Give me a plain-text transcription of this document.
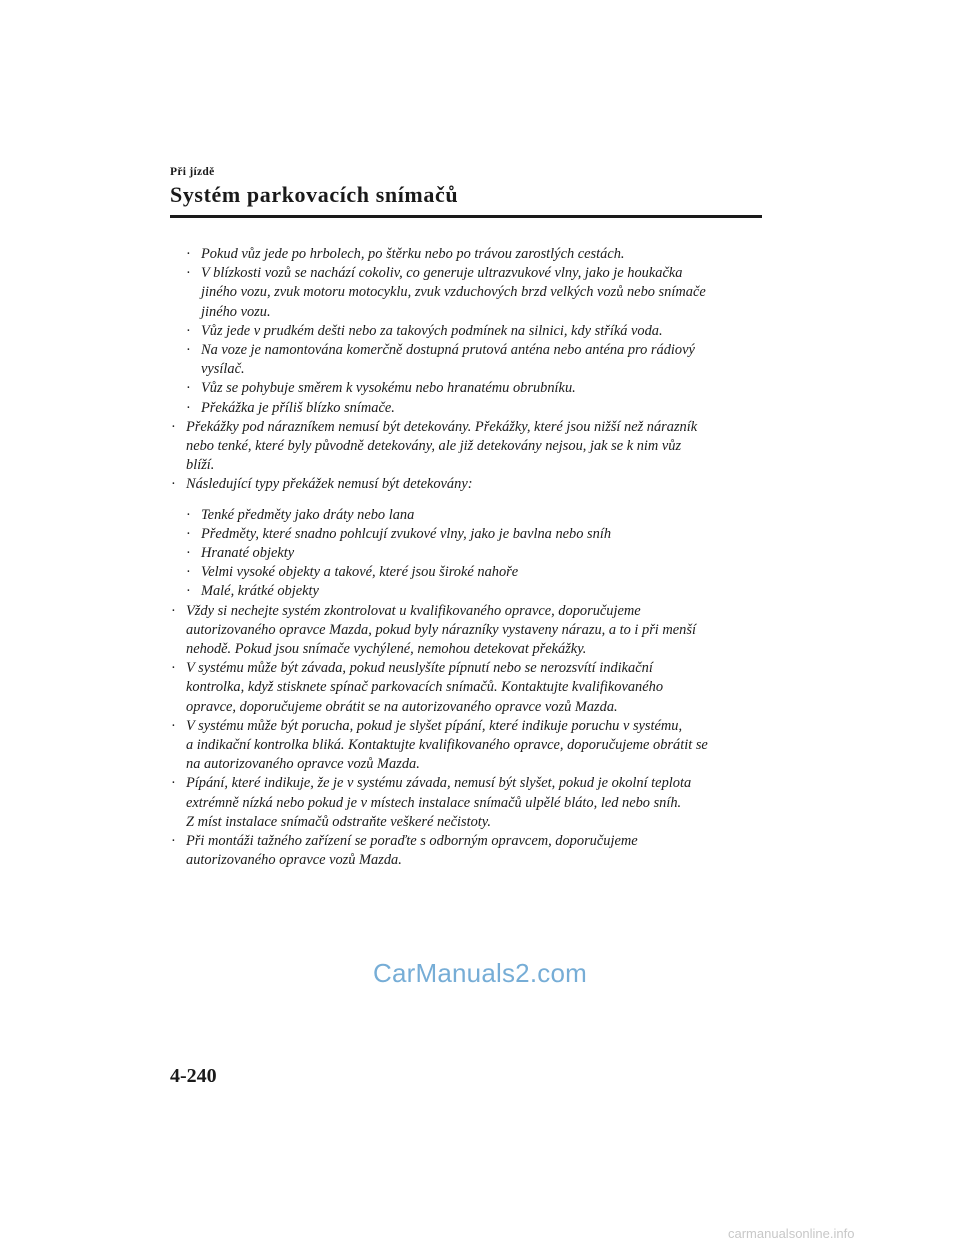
Při jízdě
Systém parkovacích snímačů
· Pokud vůz jede po hrbolech, po štěrku nebo po trávou zarostlých cestách.
· V blízkosti vozů se nachází cokoliv, co generuje ultrazvukové vlny, jako je houkačka
jiného vozu, zvuk motoru motocyklu, zvuk vzduchových brzd velkých vozů nebo snímače
jiného vozu.
· Vůz jede v prudkém dešti nebo za takových podmínek na silnici, kdy stříká voda.
· Na voze je namontována komerčně dostupná prutová anténa nebo anténa pro rádiový
vysílač.
· Vůz se pohybuje směrem k vysokému nebo hranatému obrubníku.
· Překážka je příliš blízko snímače.
· Překážky pod nárazníkem nemusí být detekovány. Překážky, které jsou nižší než nárazník
nebo tenké, které byly původně detekovány, ale již detekovány nejsou, jak se k nim vůz
blíží.
· Následující typy překážek nemusí být detekovány:
· Tenké předměty jako dráty nebo lana
· Předměty, které snadno pohlcují zvukové vlny, jako je bavlna nebo sníh
· Hranaté objekty
· Velmi vysoké objekty a takové, které jsou široké nahoře
· Malé, krátké objekty
· Vždy si nechejte systém zkontrolovat u kvalifikovaného opravce, doporučujeme
autorizovaného opravce Mazda, pokud byly nárazníky vystaveny nárazu, a to i při menší
nehodě. Pokud jsou snímače vychýlené, nemohou detekovat překážky.
· V systému může být závada, pokud neuslyšíte pípnutí nebo se nerozsvítí indikační
kontrolka, když stisknete spínač parkovacích snímačů. Kontaktujte kvalifikovaného
opravce, doporučujeme obrátit se na autorizovaného opravce vozů Mazda.
· V systému může být porucha, pokud je slyšet pípání, které indikuje poruchu v systému,
a indikační kontrolka bliká. Kontaktujte kvalifikovaného opravce, doporučujeme obrátit se
na autorizovaného opravce vozů Mazda.
· Pípání, které indikuje, že je v systému závada, nemusí být slyšet, pokud je okolní teplota
extrémně nízká nebo pokud je v místech instalace snímačů ulpělé bláto, led nebo sníh.
Z míst instalace snímačů odstraňte veškeré nečistoty.
· Při montáži tažného zařízení se poraďte s odborným opravcem, doporučujeme
autorizovaného opravce vozů Mazda.
CarManuals2.com
4-240
carmanualsonline.info
